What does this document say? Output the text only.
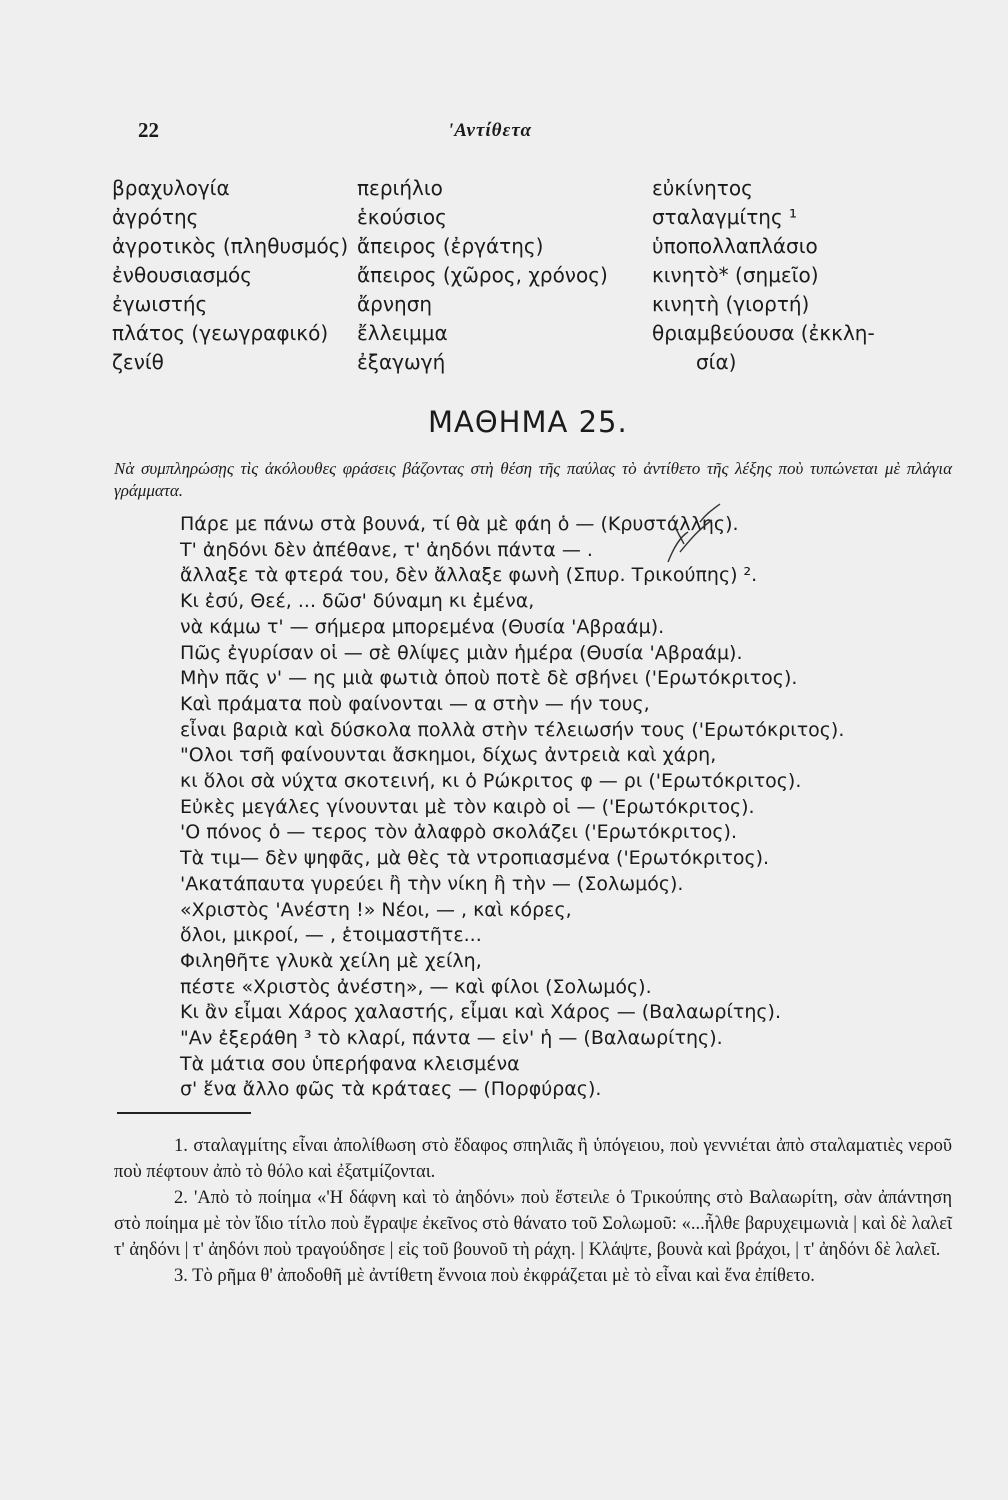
22	'Αντίθετα
βραχυλογία
ἀγρότης
ἀγροτικὸς (πληθυσμός)
ἐνθουσιασμός
ἐγωιστής
πλάτος (γεωγραφικό)
ζενίθ
περιήλιο
ἑκούσιος
ἄπειρος (ἐργάτης)
ἄπειρος (χῶρος, χρόνος)
ἄρνηση
ἔλλειμμα
ἐξαγωγή
εὐκίνητος
σταλαγμίτης ¹
ὑποπολλαπλάσιο
κινητὸ* (σημεῖο)
κινητὴ (γιορτή)
θριαμβεύουσα (ἐκκλη-
σία)
ΜΑΘΗΜΑ 25.
Νὰ συμπληρώσῃς τὶς ἀκόλουθες φράσεις βάζοντας στὴ θέση τῆς παύλας τὸ ἀντίθετο τῆς λέξης ποὺ τυπώνεται μὲ πλάγια γράμματα.
Πάρε με πάνω στὰ βουνά, τί θὰ μὲ φάη ὁ — (Κρυστάλλης).
Τ' ἀηδόνι δὲν ἀπέθανε, τ' ἀηδόνι πάντα — .
ἄλλαξε τὰ φτερά του, δὲν ἄλλαξε φωνὴ (Σπυρ. Τρικούπης) ².
Κι ἐσύ, Θεέ, ... δῶσ' δύναμη κι ἐμένα,
νὰ κάμω τ' — σήμερα μπορεμένα (Θυσία 'Αβραάμ).
Πῶς ἐγυρίσαν οἱ — σὲ θλίψες μιὰν ἡμέρα (Θυσία 'Αβραάμ).
Μὴν πᾶς ν' — ης μιὰ φωτιὰ ὁποὺ ποτὲ δὲ σβήνει ('Ερωτόκριτος).
Καὶ πράματα ποὺ φαίνονται — α στὴν — ήν τους,
εἶναι βαριὰ καὶ δύσκολα πολλὰ στὴν τέλειωσήν τους ('Ερωτόκριτος).
"Ολοι τσῆ φαίνουνται ἄσκημοι, δίχως ἀντρειὰ καὶ χάρη,
κι ὅλοι σὰ νύχτα σκοτεινή, κι ὁ Ρώκριτος φ — ρι ('Ερωτόκριτος).
Εὐκὲς μεγάλες γίνουνται μὲ τὸν καιρὸ οἱ — ('Ερωτόκριτος).
'Ο πόνος ὁ — τερος τὸν ἀλαφρὸ σκολάζει ('Ερωτόκριτος).
Τὰ τιμ— δὲν ψηφᾶς, μὰ θὲς τὰ ντροπιασμένα ('Ερωτόκριτος).
'Ακατάπαυτα γυρεύει ἢ τὴν νίκη ἢ τὴν — (Σολωμός).
«Χριστὸς 'Ανέστη !» Νέοι, — , καὶ κόρες,
ὅλοι, μικροί, — , ἑτοιμαστῆτε...
Φιληθῆτε γλυκὰ χείλη μὲ χείλη,
πέστε «Χριστὸς ἀνέστη», — καὶ φίλοι (Σολωμός).
Κι ἂν εἶμαι Χάρος χαλαστής, εἶμαι καὶ Χάρος — (Βαλαωρίτης).
"Αν ἐξεράθη ³ τὸ κλαρί, πάντα — εἰν' ἡ — (Βαλαωρίτης).
Τὰ μάτια σου ὑπερήφανα κλεισμένα
σ' ἕνα ἄλλο φῶς τὰ κράταες — (Πορφύρας).

1. σταλαγμίτης εἶναι ἀπολίθωση στὸ ἔδαφος σπηλιᾶς ἢ ὑπόγειου, ποὺ γεννιέται ἀπὸ σταλαματιὲς νεροῦ ποὺ πέφτουν ἀπὸ τὸ θόλο καὶ ἐξατμίζονται.

2. 'Απὸ τὸ ποίημα «'Η δάφνη καὶ τὸ ἀηδόνι» ποὺ ἔστειλε ὁ Τρικούπης στὸ Βαλαωρίτη, σὰν ἀπάντηση στὸ ποίημα μὲ τὸν ἴδιο τίτλο ποὺ ἔγραψε ἐκεῖνος στὸ θάνατο τοῦ Σολωμοῦ: «...ἦλθε βαρυχειμωνιὰ | καὶ δὲ λαλεῖ τ' ἀηδόνι | τ' ἀηδόνι ποὺ τραγούδησε | εἰς τοῦ βουνοῦ τὴ ράχη. | Κλάψτε, βουνὰ καὶ βράχοι, | τ' ἀηδόνι δὲ λαλεῖ.

3. Τὸ ρῆμα θ' ἀποδοθῆ μὲ ἀντίθετη ἔννοια ποὺ ἐκφράζεται μὲ τὸ εἶναι καὶ ἕνα ἐπίθετο.
